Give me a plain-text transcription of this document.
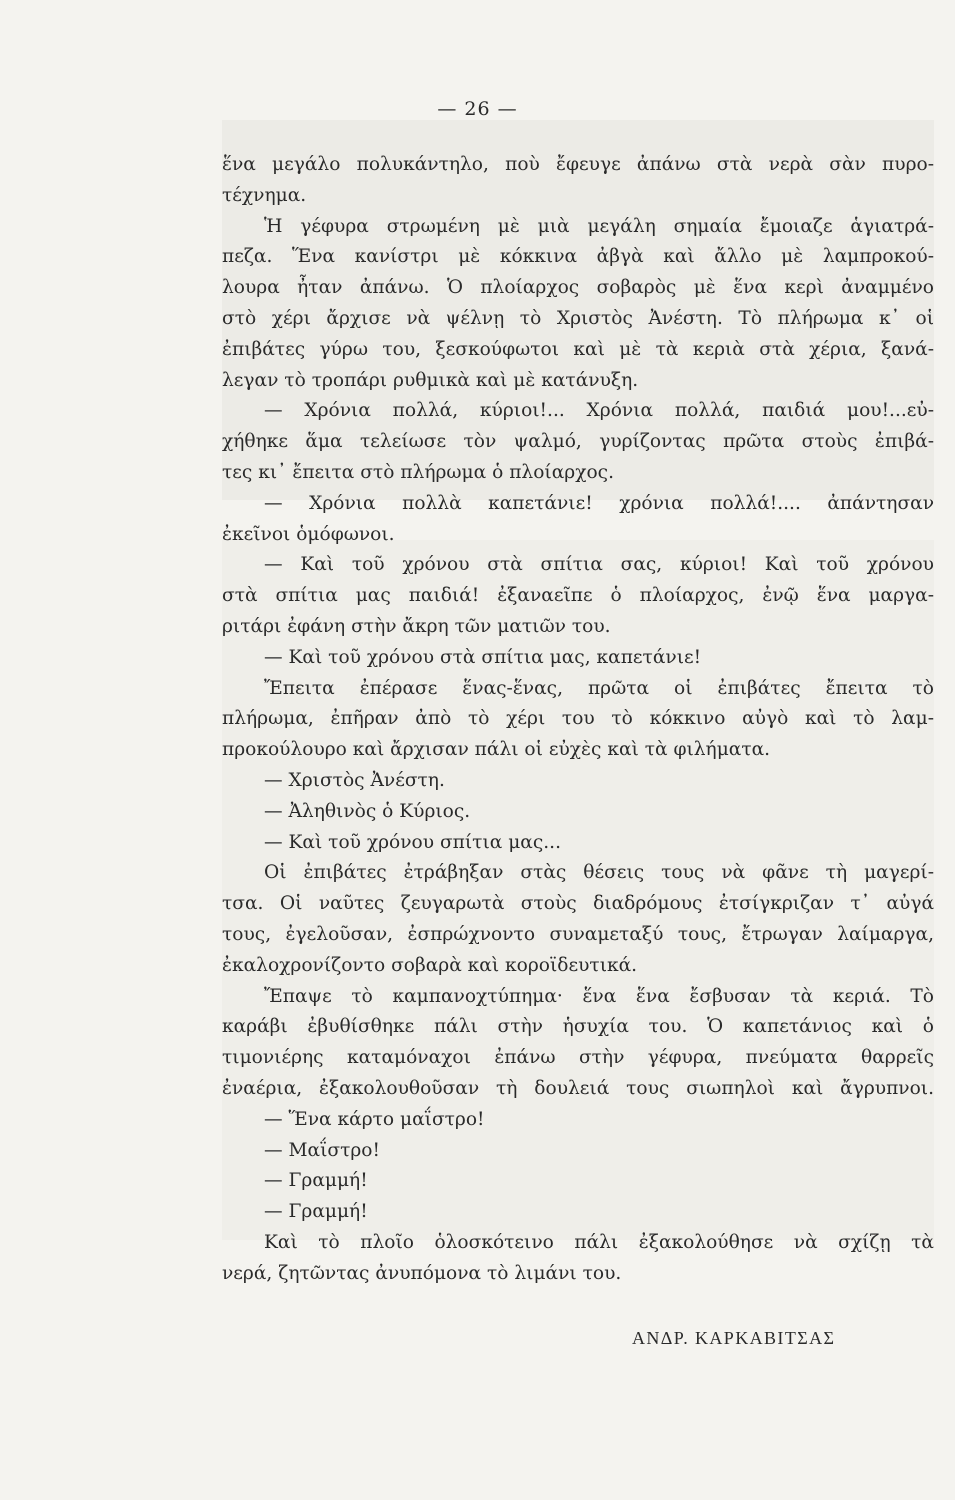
— 26 —
ἕνα μεγάλο πολυκάντηλο, ποὺ ἔφευγε ἀπάνω στὰ νερὰ σὰν πυρο-
τέχνημα.
Ἡ γέφυρα στρωμένη μὲ μιὰ μεγάλη σημαία ἔμοιαζε ἁγιατρά-
πεζα. Ἕνα κανίστρι μὲ κόκκινα ἀβγὰ καὶ ἄλλο μὲ λαμπροκού-
λουρα ἦταν ἀπάνω. Ὁ πλοίαρχος σοβαρὸς μὲ ἕνα κερὶ ἀναμμένο
στὸ χέρι ἄρχισε νὰ ψέλνῃ τὸ Χριστὸς Ἀνέστη. Τὸ πλήρωμα κ᾽ οἱ
ἐπιβάτες γύρω του, ξεσκούφωτοι καὶ μὲ τὰ κεριὰ στὰ χέρια, ξανά-
λεγαν τὸ τροπάρι ρυθμικὰ καὶ μὲ κατάνυξη.
— Χρόνια πολλά, κύριοι!... Χρόνια πολλά, παιδιά μου!...εὐ-
χήθηκε ἅμα τελείωσε τὸν ψαλμό, γυρίζοντας πρῶτα στοὺς ἐπιβά-
τες κι᾽ ἔπειτα στὸ πλήρωμα ὁ πλοίαρχος.
— Χρόνια πολλὰ καπετάνιε! χρόνια πολλά!.... ἀπάντησαν
ἐκεῖνοι ὁμόφωνοι.
— Καὶ τοῦ χρόνου στὰ σπίτια σας, κύριοι! Καὶ τοῦ χρόνου
στὰ σπίτια μας παιδιά! ἐξαναεῖπε ὁ πλοίαρχος, ἐνῷ ἕνα μαργα-
ριτάρι ἐφάνη στὴν ἄκρη τῶν ματιῶν του.
— Καὶ τοῦ χρόνου στὰ σπίτια μας, καπετάνιε!
Ἔπειτα ἐπέρασε ἕνας-ἕνας, πρῶτα οἱ ἐπιβάτες ἔπειτα τὸ
πλήρωμα, ἐπῆραν ἀπὸ τὸ χέρι του τὸ κόκκινο αὐγὸ καὶ τὸ λαμ-
προκούλουρο καὶ ἄρχισαν πάλι οἱ εὐχὲς καὶ τὰ φιλήματα.
— Χριστὸς Ἀνέστη.
— Ἀληθινὸς ὁ Κύριος.
— Καὶ τοῦ χρόνου σπίτια μας...
Οἱ ἐπιβάτες ἐτράβηξαν στὰς θέσεις τους νὰ φᾶνε τὴ μαγερί-
τσα. Οἱ ναῦτες ζευγαρωτὰ στοὺς διαδρόμους ἐτσίγκριζαν τ᾽ αὐγά
τους, ἐγελοῦσαν, ἐσπρώχνοντο συναμεταξύ τους, ἔτρωγαν λαίμαργα,
ἐκαλοχρονίζοντο σοβαρὰ καὶ κοροϊδευτικά.
Ἔπαψε τὸ καμπανοχτύπημα· ἕνα ἕνα ἔσβυσαν τὰ κεριά. Τὸ
καράβι ἐβυθίσθηκε πάλι στὴν ἡσυχία του. Ὁ καπετάνιος καὶ ὁ
τιμονιέρης καταμόναχοι ἐπάνω στὴν γέφυρα, πνεύματα θαρρεῖς
ἐναέρια, ἐξακολουθοῦσαν τὴ δουλειά τους σιωπηλοὶ καὶ ἄγρυπνοι.
— Ἕνα κάρτο μαΐστρο!
— Μαΐστρο!
— Γραμμή!
— Γραμμή!
Καὶ τὸ πλοῖο ὁλοσκότεινο πάλι ἐξακολούθησε νὰ σχίζῃ τὰ
νερά, ζητῶντας ἀνυπόμονα τὸ λιμάνι του.
ΑΝΔΡ. ΚΑΡΚΑΒΙΤΣΑΣ
